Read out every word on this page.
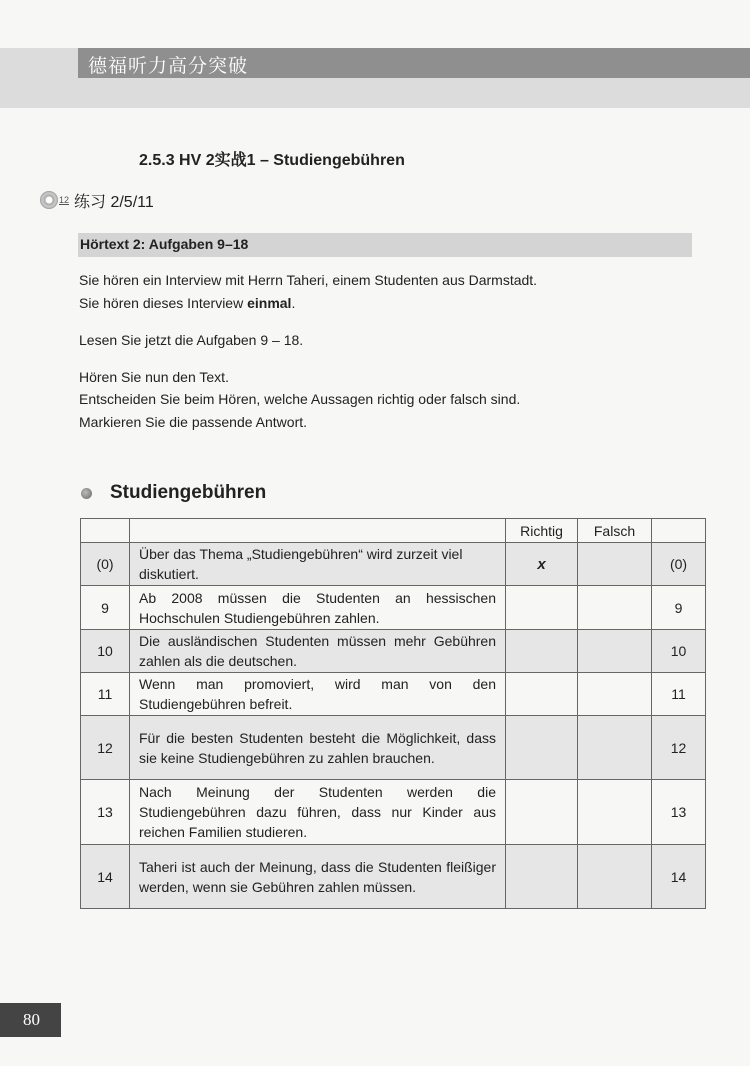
德福听力高分突破
2.5.3 HV 2实战1 – Studiengebühren
12 练习 2/5/11
Hörtext 2: Aufgaben 9–18
Sie hören ein Interview mit Herrn Taheri, einem Studenten aus Darmstadt.
Sie hören dieses Interview einmal.
Lesen Sie jetzt die Aufgaben 9 – 18.
Hören Sie nun den Text.
Entscheiden Sie beim Hören, welche Aussagen richtig oder falsch sind.
Markieren Sie die passende Antwort.
Studiengebühren
		Richtig	Falsch	
(0)	Über das Thema „Studiengebühren“ wird zurzeit viel diskutiert.	x		(0)
9	Ab 2008 müssen die Studenten an hessischen Hochschulen Studiengebühren zahlen.			9
10	Die ausländischen Studenten müssen mehr Gebühren zahlen als die deutschen.			10
11	Wenn man promoviert, wird man von den Studiengebühren befreit.			11
12	Für die besten Studenten besteht die Möglichkeit, dass sie keine Studiengebühren zu zahlen brauchen.			12
13	Nach Meinung der Studenten werden die Studiengebühren dazu führen, dass nur Kinder aus reichen Familien studieren.			13
14	Taheri ist auch der Meinung, dass die Studenten fleißiger werden, wenn sie Gebühren zahlen müssen.			14
80
